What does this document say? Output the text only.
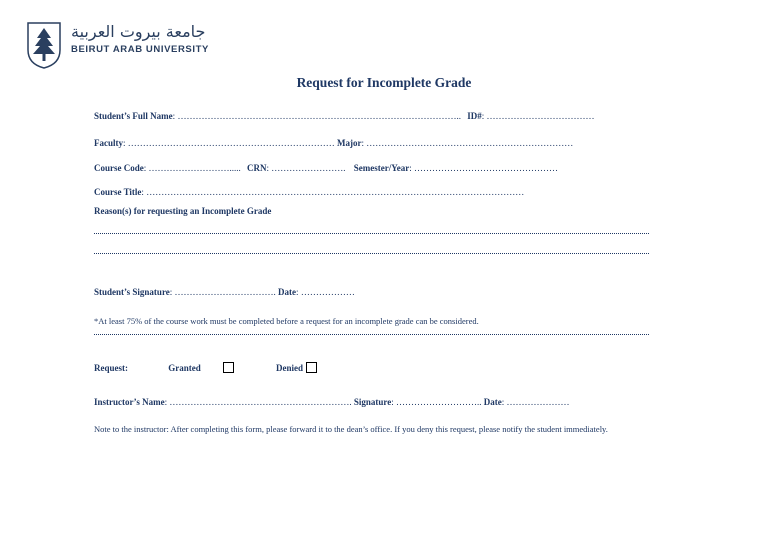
جامعة بيروت العربية
BEIRUT ARAB UNIVERSITY
Request for Incomplete Grade
Student’s Full Name: ………………………………………………………………………………….. ID#: ………………………………
Faculty: …………………………………………………………… Major: ……………………………………………………………
Course Code: ………………………..... CRN: ……………………. Semester/Year: …………………………………………
Course Title: ………………………………………………………………………………………………………………
Reason(s) for requesting an Incomplete Grade
Student’s Signature: ……………………………. Date: ………………
*At least 75% of the course work must be completed before a request for an incomplete grade can be considered.
Request:	Granted	Denied
Instructor’s Name: ……………………………………………………. Signature: ……………………….. Date: …………………
Note to the instructor: After completing this form, please forward it to the dean’s office. If you deny this request, please notify the student immediately.
